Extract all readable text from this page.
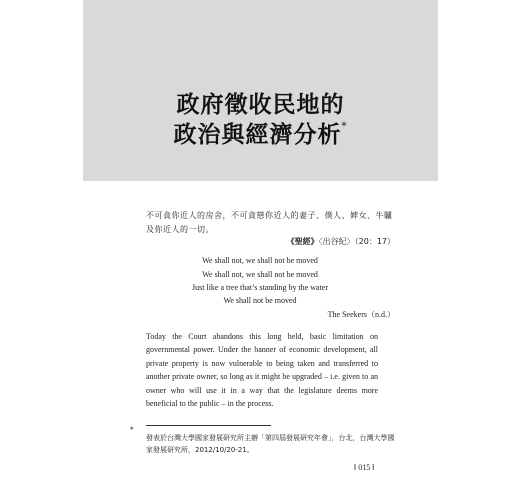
政府徵收民地的
政治與經濟分析*
不可貪你近人的房舍，不可貪戀你近人的妻子、僕人、婢女、牛驢及你近人的一切。
《聖經》〈出谷紀〉（20：17）
We shall not, we shall not be moved
We shall not, we shall not be moved
Just like a tree that’s standing by the water
We shall not be moved
The Seekers（n.d.）
Today the Court abandons this long held, basic limitation on governmental power. Under the banner of economic development, all private property is now vulnerable to being taken and transferred to another private owner, so long as it might be upgraded – i.e. given to an owner who will use it in a way that the legislature deems more beneficial to the public – in the process.
*
發表於台灣大學國家發展研究所主辦「第四屆發展研究年會」，台北，台灣大學國家發展研究所，2012/10/20-21。
‖ 015 ‖
